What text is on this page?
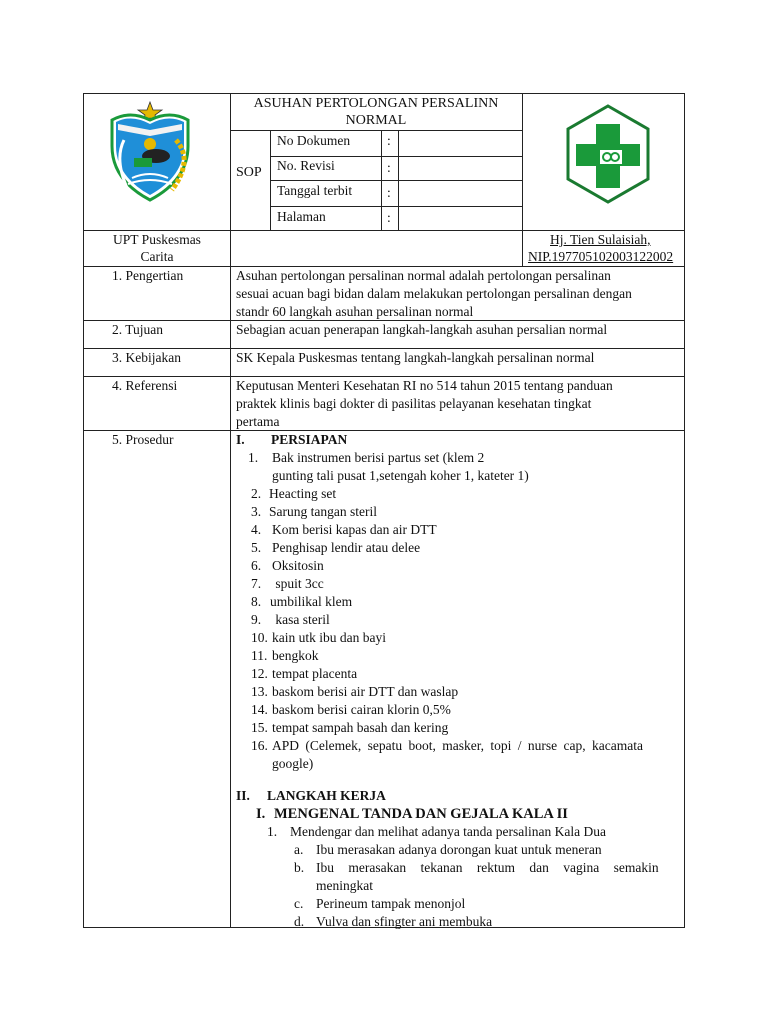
ASUHAN PERTOLONGAN PERSALINN
NORMAL
SOP
No Dokumen	:
No. Revisi	:
Tanggal terbit	:
Halaman	:
UPT Puskesmas
Carita
Hj. Tien Sulaisiah,
NIP.197705102003122002
1. Pengertian	Asuhan pertolongan persalinan normal adalah pertolongan persalinan
sesuai acuan bagi bidan dalam melakukan pertolongan persalinan dengan
standr 60 langkah asuhan persalinan normal
2. Tujuan	Sebagian acuan penerapan langkah-langkah asuhan persalian normal
3. Kebijakan	SK Kepala Puskesmas tentang langkah-langkah persalinan normal
4. Referensi	Keputusan Menteri Kesehatan RI no 514 tahun 2015 tentang panduan
praktek klinis bagi dokter di pasilitas pelayanan kesehatan tingkat
pertama
5. Prosedur	I. PERSIAPAN
1. Bak instrumen berisi partus set (klem 2
gunting tali pusat 1,setengah koher 1, kateter 1)
2. Heacting set
3. Sarung tangan steril
4. Kom berisi kapas dan air DTT
5. Penghisap lendir atau delee
6. Oksitosin
7. spuit 3cc
8. umbilikal klem
9. kasa steril
10. kain utk ibu dan bayi
11. bengkok
12. tempat placenta
13. baskom berisi air DTT dan waslap
14. baskom berisi cairan klorin 0,5%
15. tempat sampah basah dan kering
16. APD (Celemek, sepatu boot, masker, topi / nurse cap, kacamata
google)
II. LANGKAH KERJA
I. MENGENAL TANDA DAN GEJALA KALA II
1. Mendengar dan melihat adanya tanda persalinan Kala Dua
a. Ibu merasakan adanya dorongan kuat untuk meneran
b. Ibu merasakan tekanan rektum dan vagina semakin
meningkat
c. Perineum tampak menonjol
d. Vulva dan sfingter ani membuka
